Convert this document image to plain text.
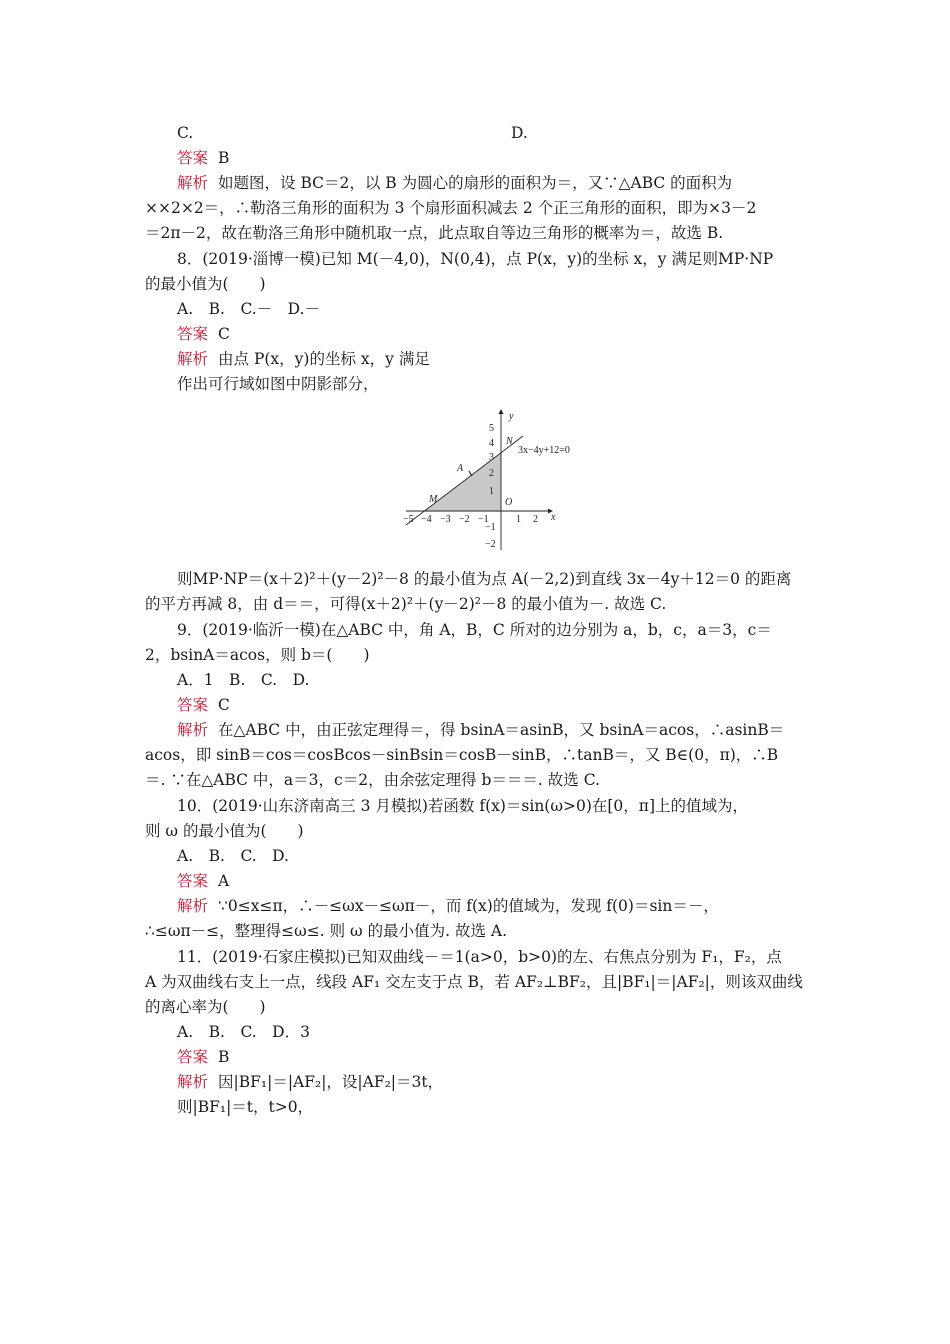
C.	D.
答案 B
解析 如题图，设 BC＝2，以 B 为圆心的扇形的面积为＝，又∵△ABC 的面积为
××2×2＝，∴勒洛三角形的面积为 3 个扇形面积减去 2 个正三角形的面积，即为×3－2
＝2π－2，故在勒洛三角形中随机取一点，此点取自等边三角形的概率为＝，故选 B.
8．(2019·淄博一模)已知 M(－4,0)，N(0,4)，点 P(x，y)的坐标 x，y 满足则MP·NP
的最小值为(　　)
A.　B.　C.－　D.－
答案 C
解析 由点 P(x，y)的坐标 x，y 满足
作出可行域如图中阴影部分，
y
x
O
M
N
A
3x−4y+12=0
−5 −4 −3 −2 −1	1 2
5
4
3
2
1
−1
−2
则MP·NP＝(x＋2)²＋(y－2)²－8 的最小值为点 A(－2,2)到直线 3x－4y＋12＝0 的距离
的平方再减 8，由 d＝＝，可得(x＋2)²＋(y－2)²－8 的最小值为－. 故选 C.
9．(2019·临沂一模)在△ABC 中，角 A，B，C 所对的边分别为 a，b，c，a＝3，c＝
2，bsinA＝acos，则 b＝(　　)
A．1　B.　C.　D.
答案 C
解析 在△ABC 中，由正弦定理得＝，得 bsinA＝asinB，又 bsinA＝acos，∴asinB＝
acos，即 sinB＝cos＝cosBcos－sinBsin＝cosB－sinB，∴tanB＝，又 B∈(0，π)，∴B
＝. ∵在△ABC 中，a＝3，c＝2，由余弦定理得 b＝＝＝. 故选 C.
10．(2019·山东济南高三 3 月模拟)若函数 f(x)＝sin(ω>0)在[0，π]上的值域为，
则 ω 的最小值为(　　)
A.　B.　C.　D.
答案 A
解析 ∵0≤x≤π，∴－≤ωx－≤ωπ－，而 f(x)的值域为，发现 f(0)＝sin＝－，
∴≤ωπ－≤，整理得≤ω≤. 则 ω 的最小值为. 故选 A.
11．(2019·石家庄模拟)已知双曲线－＝1(a>0，b>0)的左、右焦点分别为 F₁，F₂，点
A 为双曲线右支上一点，线段 AF₁ 交左支于点 B，若 AF₂⊥BF₂，且|BF₁|＝|AF₂|，则该双曲线
的离心率为(　　)
A.　B.　C.　D．3
答案 B
解析 因|BF₁|＝|AF₂|，设|AF₂|＝3t，
则|BF₁|＝t，t>0，
